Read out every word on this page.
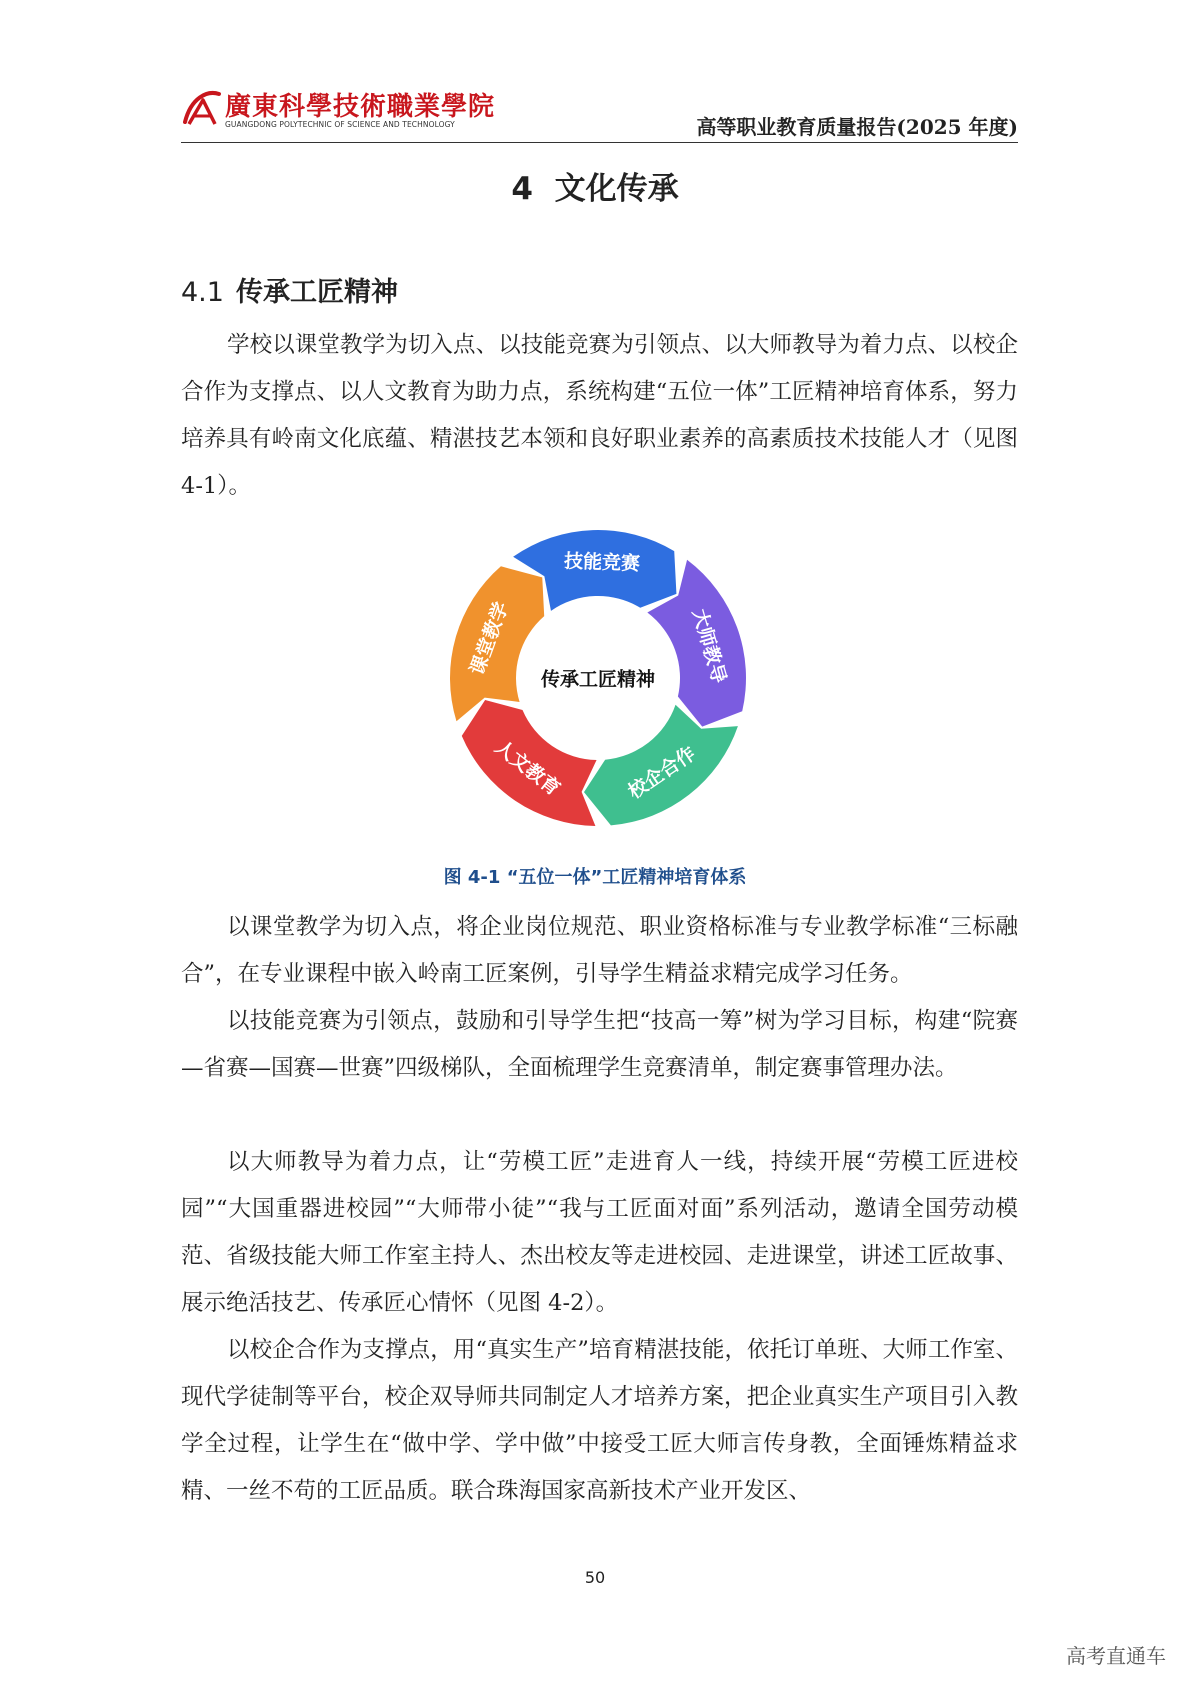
廣東科學技術職業學院
GUANGDONG POLYTECHNIC OF SCIENCE AND TECHNOLOGY	高等职业教育质量报告(2025 年度)
4 文化传承
4.1 传承工匠精神

学校以课堂教学为切入点、以技能竞赛为引领点、以大师教导为着力点、以校企合作为支撑点、以人文教育为助力点，系统构建“五位一体”工匠精神培育体系，努力培养具有岭南文化底蕴、精湛技艺本领和良好职业素养的高素质技术技能人才（见图 4-1）。

技能竞赛
大师教导
校企合作
人文教育
课堂教学
传承工匠精神
图 4-1 “五位一体”工匠精神培育体系

以课堂教学为切入点，将企业岗位规范、职业资格标准与专业教学标准“三标融合”，在专业课程中嵌入岭南工匠案例，引导学生精益求精完成学习任务。

以技能竞赛为引领点，鼓励和引导学生把“技高一筹”树为学习目标，构建“院赛—省赛—国赛—世赛”四级梯队，全面梳理学生竞赛清单，制定赛事管理办法。

以大师教导为着力点，让“劳模工匠”走进育人一线，持续开展“劳模工匠进校园”“大国重器进校园”“大师带小徒”“我与工匠面对面”系列活动，邀请全国劳动模范、省级技能大师工作室主持人、杰出校友等走进校园、走进课堂，讲述工匠故事、展示绝活技艺、传承匠心情怀（见图 4-2）。

以校企合作为支撑点，用“真实生产”培育精湛技能，依托订单班、大师工作室、现代学徒制等平台，校企双导师共同制定人才培养方案，把企业真实生产项目引入教学全过程，让学生在“做中学、学中做”中接受工匠大师言传身教，全面锤炼精益求精、一丝不苟的工匠品质。联合珠海国家高新技术产业开发区、

50
高考直通车
